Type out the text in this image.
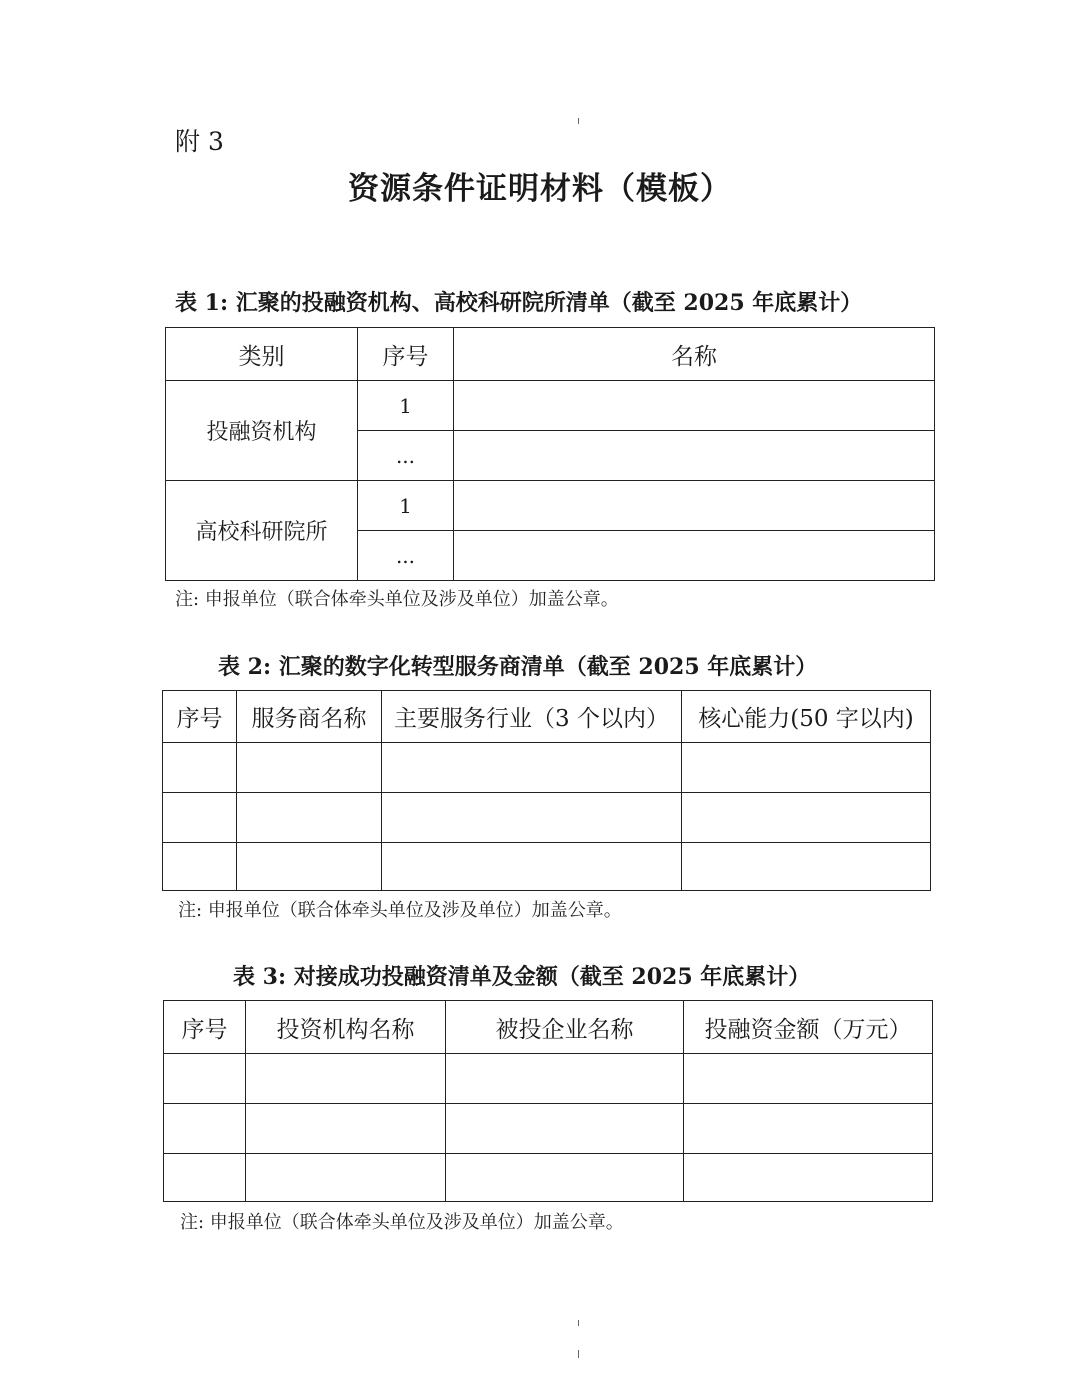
附 3
资源条件证明材料（模板）
表 1: 汇聚的投融资机构、高校科研院所清单（截至 2025 年底累计）
类别	序号	名称
投融资机构	1	
	...	
高校科研院所	1	
	...	
注: 申报单位（联合体牵头单位及涉及单位）加盖公章。
表 2: 汇聚的数字化转型服务商清单（截至 2025 年底累计）
序号	服务商名称	主要服务行业（3 个以内）	核心能力(50 字以内)

注: 申报单位（联合体牵头单位及涉及单位）加盖公章。
表 3: 对接成功投融资清单及金额（截至 2025 年底累计）
序号	投资机构名称	被投企业名称	投融资金额（万元）

注: 申报单位（联合体牵头单位及涉及单位）加盖公章。
